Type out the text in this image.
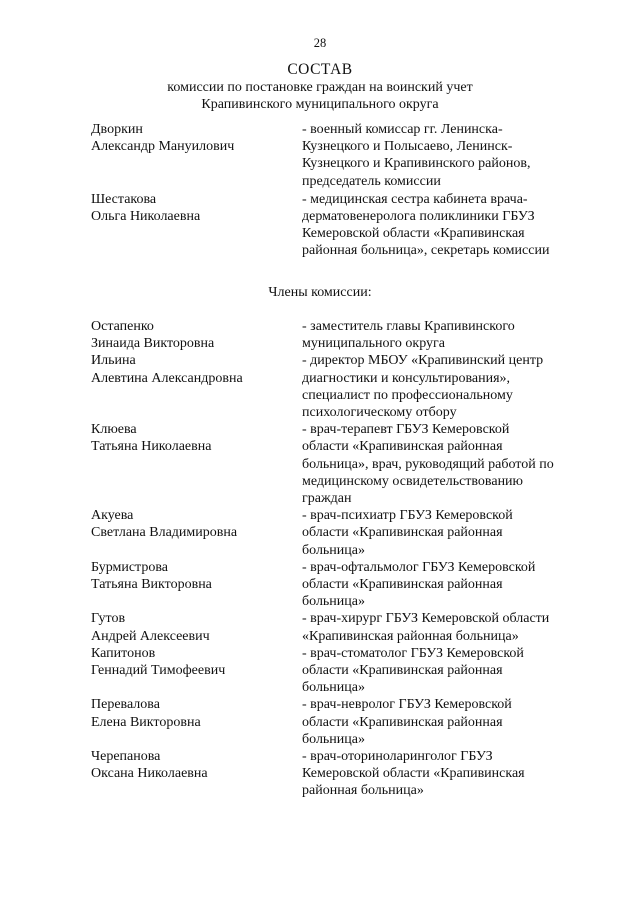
28
СОСТАВ
комиссии по постановке граждан на воинский учет
Крапивинского муниципального округа
Дворкин
Александр Мануилович
- военный комиссар гг. Ленинска-
Кузнецкого и Полысаево, Ленинск-
Кузнецкого и Крапивинского районов,
председатель комиссии
Шестакова
Ольга Николаевна
- медицинская сестра кабинета врача-
дерматовенеролога поликлиники ГБУЗ
Кемеровской области «Крапивинская
районная больница», секретарь комиссии
Члены комиссии:
Остапенко
Зинаида Викторовна
- заместитель главы Крапивинского
муниципального округа
Ильина
Алевтина Александровна
- директор МБОУ «Крапивинский центр
диагностики и консультирования»,
специалист по профессиональному
психологическому отбору
Клюева
Татьяна Николаевна
- врач-терапевт ГБУЗ Кемеровской
области «Крапивинская районная
больница», врач, руководящий работой по
медицинскому освидетельствованию
граждан
Акуева
Светлана Владимировна
- врач-психиатр ГБУЗ Кемеровской
области «Крапивинская районная
больница»
Бурмистрова
Татьяна Викторовна
- врач-офтальмолог ГБУЗ Кемеровской
области «Крапивинская районная
больница»
Гутов
Андрей Алексеевич
- врач-хирург ГБУЗ Кемеровской области
«Крапивинская районная больница»
Капитонов
Геннадий Тимофеевич
- врач-стоматолог ГБУЗ Кемеровской
области «Крапивинская районная
больница»
Перевалова
Елена Викторовна
- врач-невролог ГБУЗ Кемеровской
области «Крапивинская районная
больница»
Черепанова
Оксана Николаевна
- врач-оториноларинголог ГБУЗ
Кемеровской области «Крапивинская
районная больница»
